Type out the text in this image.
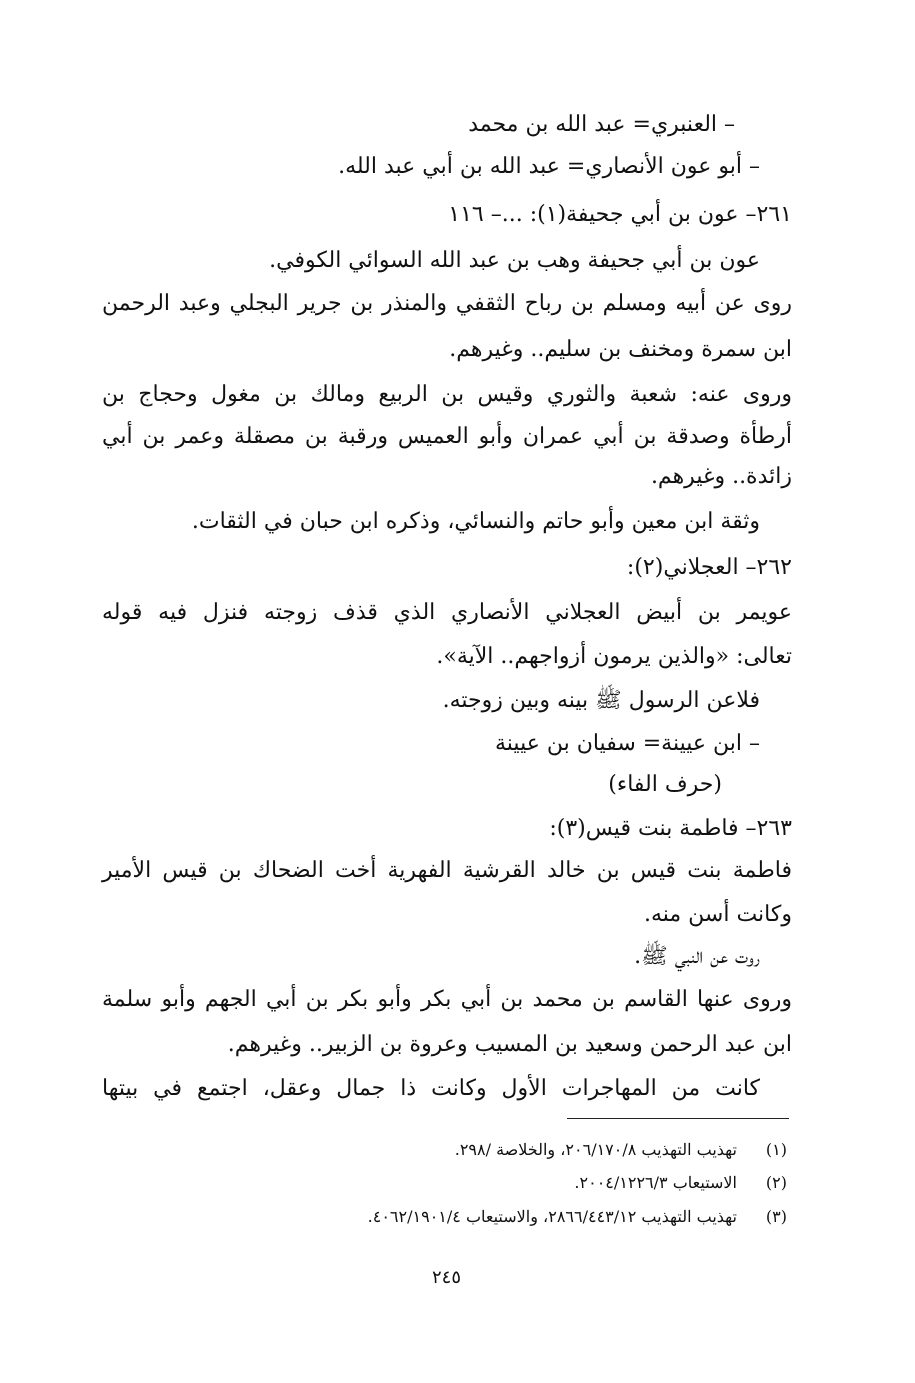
– العنبري= عبد الله بن محمد
– أبو عون الأنصاري= عبد الله بن أبي عبد الله.
٢٦١– عون بن أبي جحيفة(١): ...– ١١٦
عون بن أبي جحيفة وهب بن عبد الله السوائي الكوفي.
روى عن أبيه ومسلم بن رباح الثقفي والمنذر بن جرير البجلي وعبد الرحمن
ابن سمرة ومخنف بن سليم.. وغيرهم.
وروى عنه: شعبة والثوري وقيس بن الربيع ومالك بن مغول وحجاج بن
أرطأة وصدقة بن أبي عمران وأبو العميس ورقبة بن مصقلة وعمر بن أبي
زائدة.. وغيرهم.
وثقة ابن معين وأبو حاتم والنسائي، وذكره ابن حبان في الثقات.
٢٦٢– العجلاني(٢):
عويمر بن أبيض العجلاني الأنصاري الذي قذف زوجته فنزل فيه قوله
تعالى: «والذين يرمون أزواجهم.. الآية».
فلاعن الرسول ﷺ بينه وبين زوجته.
– ابن عيينة= سفيان بن عيينة
(حرف الفاء)
٢٦٣– فاطمة بنت قيس(٣):
فاطمة بنت قيس بن خالد القرشية الفهرية أخت الضحاك بن قيس الأمير
وكانت أسن منه.
روت عن النبي ﷺ.
وروى عنها القاسم بن محمد بن أبي بكر وأبو بكر بن أبي الجهم وأبو سلمة
ابن عبد الرحمن وسعيد بن المسيب وعروة بن الزبير.. وغيرهم.
كانت من المهاجرات الأول وكانت ذا جمال وعقل، اجتمع في بيتها
(١)
تهذيب التهذيب ٢٠٦/١٧٠/٨، والخلاصة /٢٩٨.
(٢)
الاستيعاب ٢٠٠٤/١٢٢٦/٣.
(٣)
تهذيب التهذيب ٢٨٦٦/٤٤٣/١٢، والاستيعاب ٤٠٦٢/١٩٠١/٤.
٢٤٥
